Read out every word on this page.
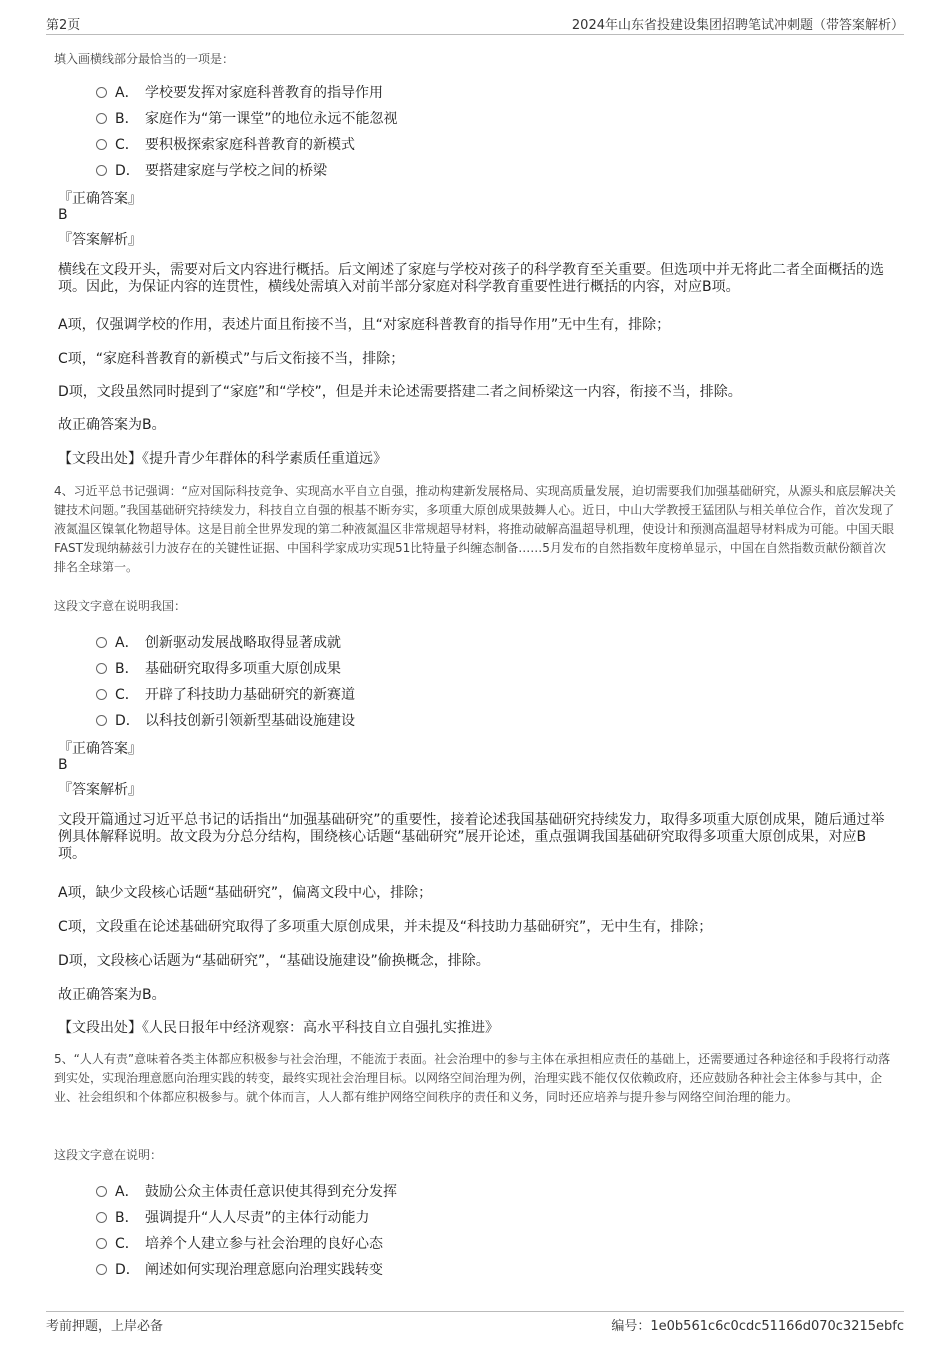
第2页	2024年山东省投建设集团招聘笔试冲刺题（带答案解析）
填入画横线部分最恰当的一项是：
A． 学校要发挥对家庭科普教育的指导作用
B． 家庭作为“第一课堂”的地位永远不能忽视
C． 要积极探索家庭科普教育的新模式
D． 要搭建家庭与学校之间的桥梁
『正确答案』
B
『答案解析』
横线在文段开头，需要对后文内容进行概括。后文阐述了家庭与学校对孩子的科学教育至关重要。但选项中并无将此二者全面概括的选项。因此，为保证内容的连贯性，横线处需填入对前半部分家庭对科学教育重要性进行概括的内容，对应B项。
A项，仅强调学校的作用，表述片面且衔接不当，且“对家庭科普教育的指导作用”无中生有，排除；
C项，“家庭科普教育的新模式”与后文衔接不当，排除；
D项，文段虽然同时提到了“家庭”和“学校”，但是并未论述需要搭建二者之间桥梁这一内容，衔接不当，排除。
故正确答案为B。
【文段出处】《提升青少年群体的科学素质任重道远》
4、习近平总书记强调：“应对国际科技竞争、实现高水平自立自强，推动构建新发展格局、实现高质量发展，迫切需要我们加强基础研究，从源头和底层解决关键技术问题。”我国基础研究持续发力，科技自立自强的根基不断夯实，多项重大原创成果鼓舞人心。近日，中山大学教授王猛团队与相关单位合作，首次发现了液氮温区镍氧化物超导体。这是目前全世界发现的第二种液氮温区非常规超导材料，将推动破解高温超导机理，使设计和预测高温超导材料成为可能。中国天眼FAST发现纳赫兹引力波存在的关键性证据、中国科学家成功实现51比特量子纠缠态制备……5月发布的自然指数年度榜单显示，中国在自然指数贡献份额首次排名全球第一。
这段文字意在说明我国：
A． 创新驱动发展战略取得显著成就
B． 基础研究取得多项重大原创成果
C． 开辟了科技助力基础研究的新赛道
D． 以科技创新引领新型基础设施建设
『正确答案』
B
『答案解析』
文段开篇通过习近平总书记的话指出“加强基础研究”的重要性，接着论述我国基础研究持续发力，取得多项重大原创成果，随后通过举例具体解释说明。故文段为分总分结构，围绕核心话题“基础研究”展开论述，重点强调我国基础研究取得多项重大原创成果，对应B项。
A项，缺少文段核心话题“基础研究”，偏离文段中心，排除；
C项，文段重在论述基础研究取得了多项重大原创成果，并未提及“科技助力基础研究”，无中生有，排除；
D项，文段核心话题为“基础研究”，“基础设施建设”偷换概念，排除。
故正确答案为B。
【文段出处】《人民日报年中经济观察：高水平科技自立自强扎实推进》
5、“人人有责”意味着各类主体都应积极参与社会治理，不能流于表面。社会治理中的参与主体在承担相应责任的基础上，还需要通过各种途径和手段将行动落到实处，实现治理意愿向治理实践的转变，最终实现社会治理目标。以网络空间治理为例，治理实践不能仅仅依赖政府，还应鼓励各种社会主体参与其中，企业、社会组织和个体都应积极参与。就个体而言，人人都有维护网络空间秩序的责任和义务，同时还应培养与提升参与网络空间治理的能力。
这段文字意在说明：
A． 鼓励公众主体责任意识使其得到充分发挥
B． 强调提升“人人尽责”的主体行动能力
C． 培养个人建立参与社会治理的良好心态
D． 阐述如何实现治理意愿向治理实践转变
考前押题，上岸必备	编号：1e0b561c6c0cdc51166d070c3215ebfc
